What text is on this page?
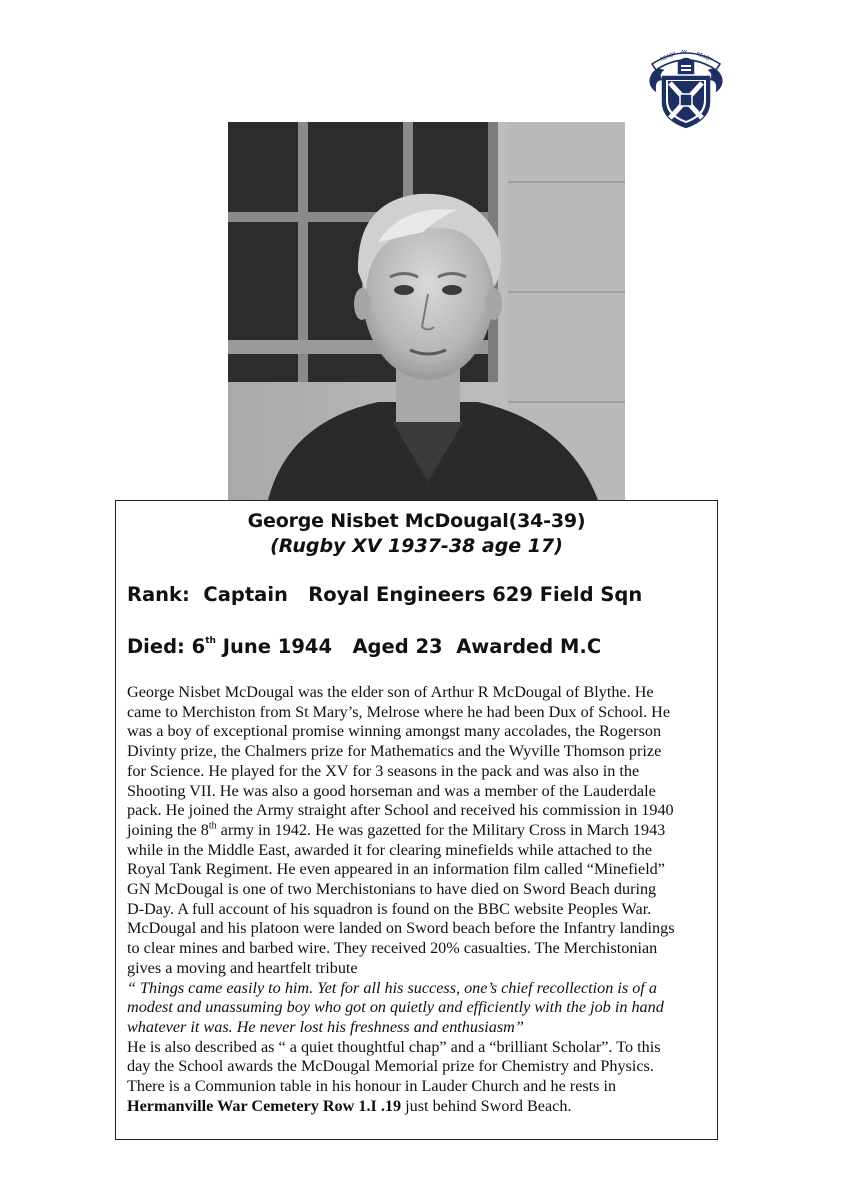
READY AY READY
George Nisbet McDougal(34-39)
(Rugby XV 1937-38 age 17)
Rank: Captain Royal Engineers 629 Field Sqn
Died: 6th June 1944 Aged 23 Awarded M.C
George Nisbet McDougal was the elder son of Arthur R McDougal of Blythe. He
came to Merchiston from St Mary’s, Melrose where he had been Dux of School. He
was a boy of exceptional promise winning amongst many accolades, the Rogerson
Divinty prize, the Chalmers prize for Mathematics and the Wyville Thomson prize
for Science. He played for the XV for 3 seasons in the pack and was also in the
Shooting VII. He was also a good horseman and was a member of the Lauderdale
pack. He joined the Army straight after School and received his commission in 1940
joining the 8th army in 1942. He was gazetted for the Military Cross in March 1943
while in the Middle East, awarded it for clearing minefields while attached to the
Royal Tank Regiment. He even appeared in an information film called “Minefield”
GN McDougal is one of two Merchistonians to have died on Sword Beach during
D-Day. A full account of his squadron is found on the BBC website Peoples War.
McDougal and his platoon were landed on Sword beach before the Infantry landings
to clear mines and barbed wire. They received 20% casualties. The Merchistonian
gives a moving and heartfelt tribute
“ Things came easily to him. Yet for all his success, one’s chief recollection is of a
modest and unassuming boy who got on quietly and efficiently with the job in hand
whatever it was. He never lost his freshness and enthusiasm”
He is also described as “ a quiet thoughtful chap” and a “brilliant Scholar”. To this
day the School awards the McDougal Memorial prize for Chemistry and Physics.
There is a Communion table in his honour in Lauder Church and he rests in
Hermanville War Cemetery Row 1.I .19 just behind Sword Beach.
